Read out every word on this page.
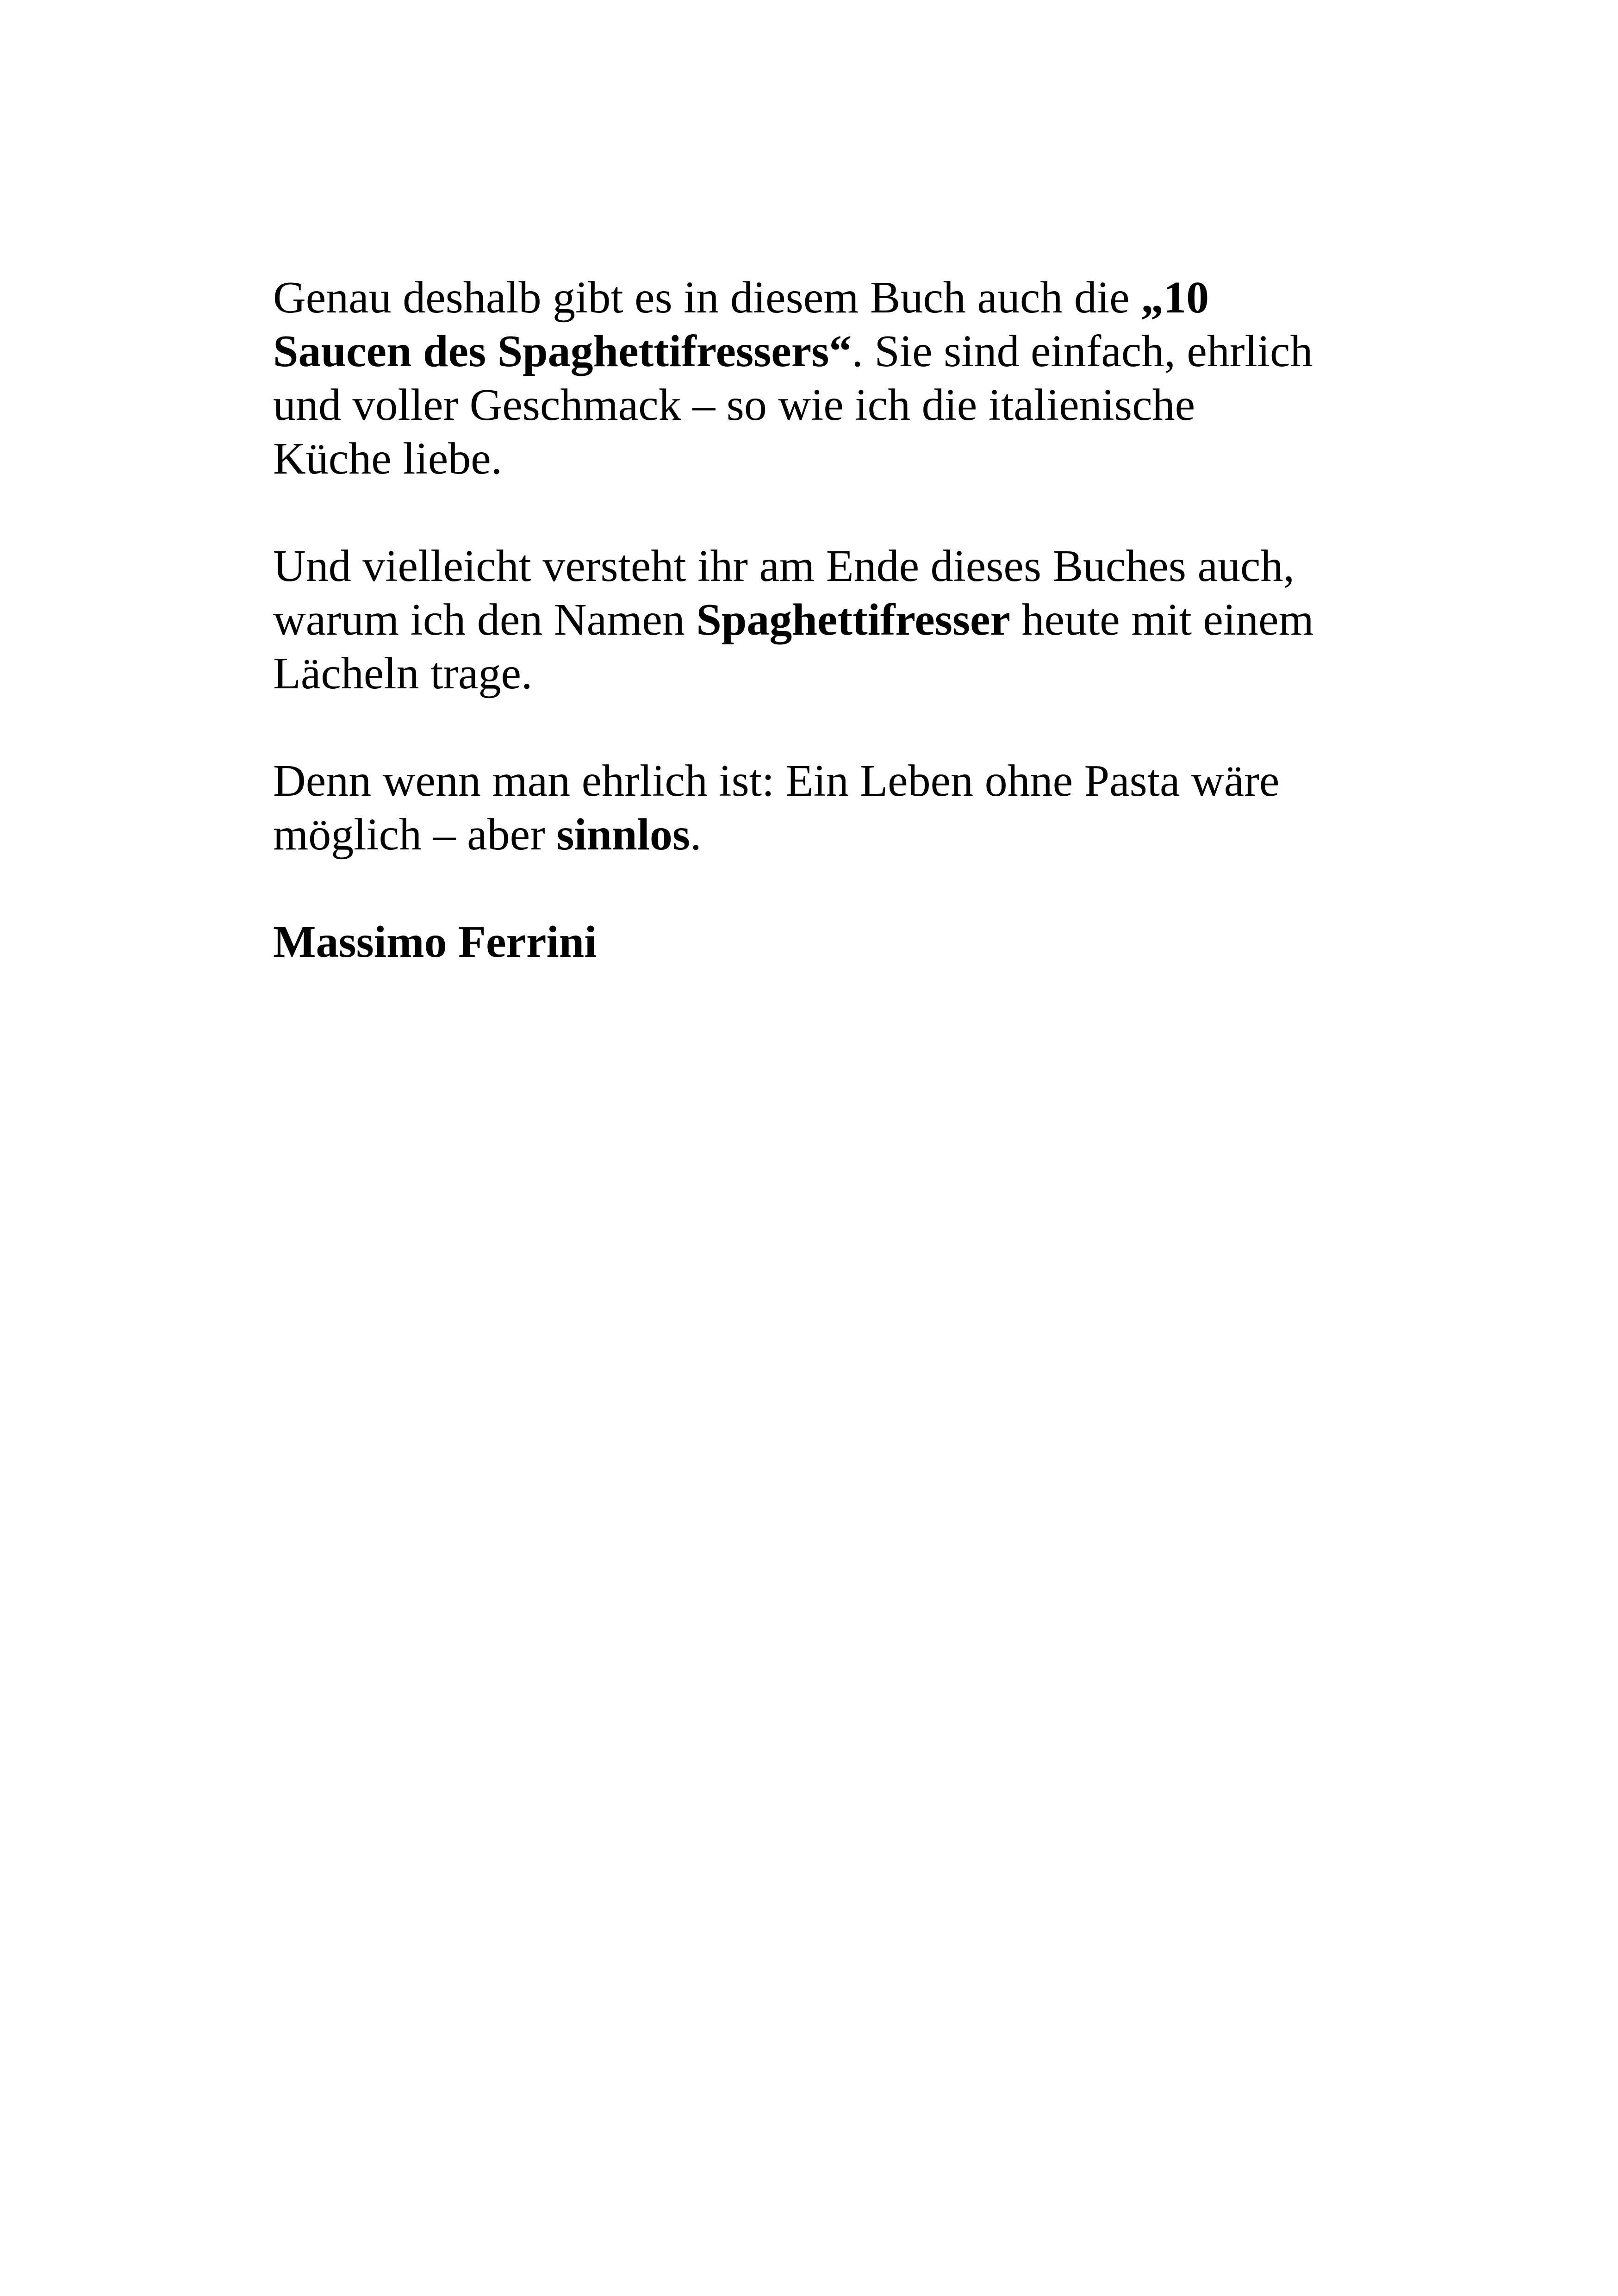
Genau deshalb gibt es in diesem Buch auch die „10
Saucen des Spaghettifressers“. Sie sind einfach, ehrlich
und voller Geschmack – so wie ich die italienische
Küche liebe.

Und vielleicht versteht ihr am Ende dieses Buches auch,
warum ich den Namen Spaghettifresser heute mit einem
Lächeln trage.

Denn wenn man ehrlich ist: Ein Leben ohne Pasta wäre
möglich – aber sinnlos.

Massimo Ferrini
